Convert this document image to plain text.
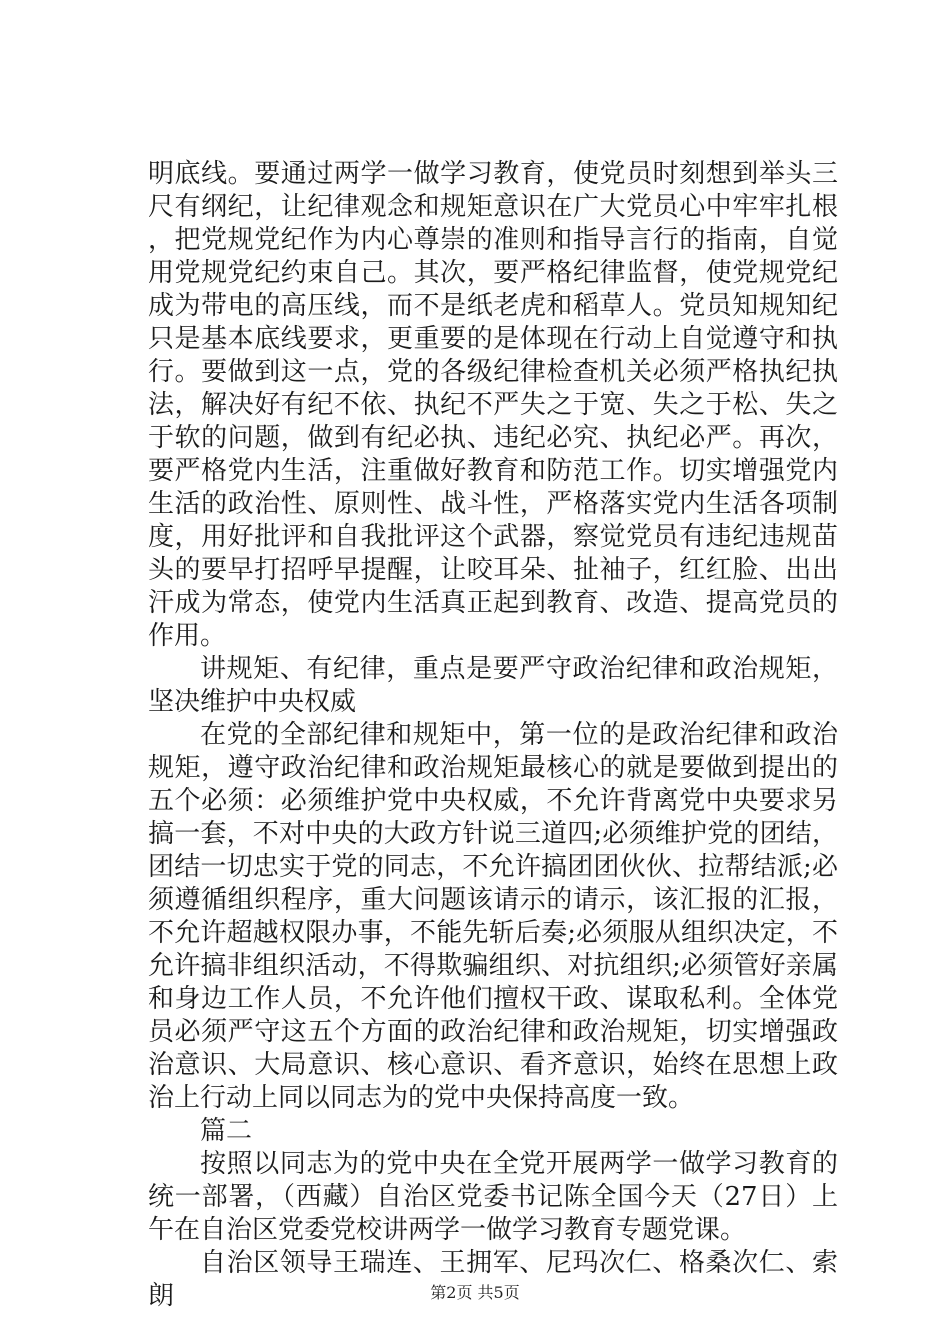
明底线。要通过两学一做学习教育，使党员时刻想到举头三尺有纲纪，让纪律观念和规矩意识在广大党员心中牢牢扎根，把党规党纪作为内心尊崇的准则和指导言行的指南，自觉用党规党纪约束自己。其次，要严格纪律监督，使党规党纪成为带电的高压线，而不是纸老虎和稻草人。党员知规知纪只是基本底线要求，更重要的是体现在行动上自觉遵守和执行。要做到这一点，党的各级纪律检查机关必须严格执纪执法，解决好有纪不依、执纪不严失之于宽、失之于松、失之于软的问题，做到有纪必执、违纪必究、执纪必严。再次，要严格党内生活，注重做好教育和防范工作。切实增强党内生活的政治性、原则性、战斗性，严格落实党内生活各项制度，用好批评和自我批评这个武器，察觉党员有违纪违规苗头的要早打招呼早提醒，让咬耳朵、扯袖子，红红脸、出出汗成为常态，使党内生活真正起到教育、改造、提高党员的作用。

讲规矩、有纪律，重点是要严守政治纪律和政治规矩，坚决维护中央权威

在党的全部纪律和规矩中，第一位的是政治纪律和政治规矩，遵守政治纪律和政治规矩最核心的就是要做到提出的五个必须：必须维护党中央权威，不允许背离党中央要求另搞一套，不对中央的大政方针说三道四;必须维护党的团结，团结一切忠实于党的同志，不允许搞团团伙伙、拉帮结派;必须遵循组织程序，重大问题该请示的请示，该汇报的汇报，不允许超越权限办事，不能先斩后奏;必须服从组织决定，不允许搞非组织活动，不得欺骗组织、对抗组织;必须管好亲属和身边工作人员，不允许他们擅权干政、谋取私利。全体党员必须严守这五个方面的政治纪律和政治规矩，切实增强政治意识、大局意识、核心意识、看齐意识，始终在思想上政治上行动上同以同志为的党中央保持高度一致。

篇二

按照以同志为的党中央在全党开展两学一做学习教育的统一部署，（西藏）自治区党委书记陈全国今天（27日）上午在自治区党委党校讲两学一做学习教育专题党课。

自治区领导王瑞连、王拥军、尼玛次仁、格桑次仁、索朗	第2页 共5页
